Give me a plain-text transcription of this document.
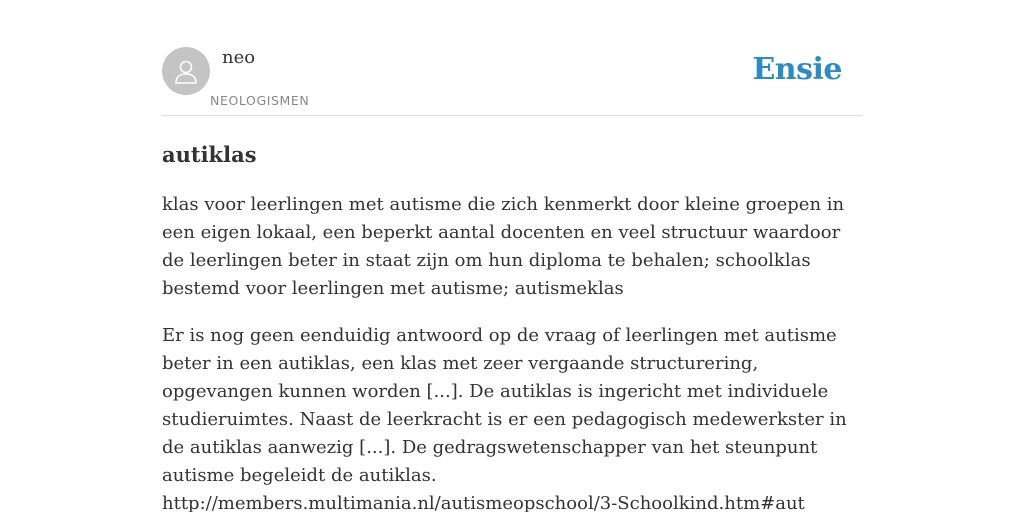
neo
NEOLOGISMEN
Ensie
autiklas

klas voor leerlingen met autisme die zich kenmerkt door kleine groepen in een eigen lokaal, een beperkt aantal docenten en veel structuur waardoor de leerlingen beter in staat zijn om hun diploma te behalen; schoolklas bestemd voor leerlingen met autisme; autismeklas

Er is nog geen eenduidig antwoord op de vraag of leerlingen met autisme beter in een autiklas, een klas met zeer vergaande structurering, opgevangen kunnen worden [...]. De autiklas is ingericht met individuele studieruimtes. Naast de leerkracht is er een pedagogisch medewerkster in de autiklas aanwezig [...]. De gedragswetenschapper van het steunpunt autisme begeleidt de autiklas. http://members.multimania.nl/autismeopschool/3-Schoolkind.htm#aut
